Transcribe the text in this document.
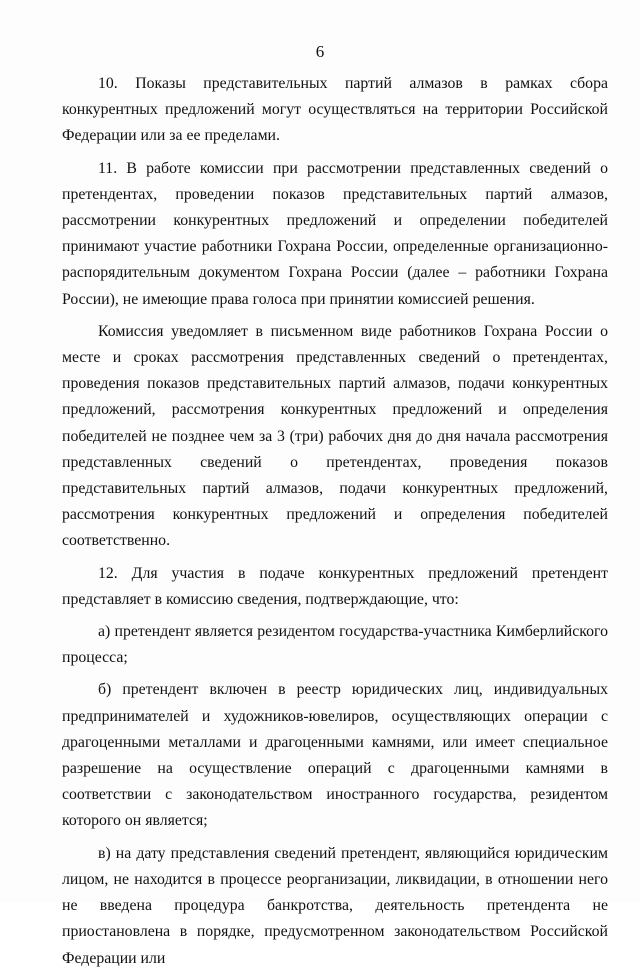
6

10. Показы представительных партий алмазов в рамках сбора конкурентных предложений могут осуществляться на территории Российской Федерации или за ее пределами.

11. В работе комиссии при рассмотрении представленных сведений о претендентах, проведении показов представительных партий алмазов, рассмотрении конкурентных предложений и определении победителей принимают участие работники Гохрана России, определенные организационно-распорядительным документом Гохрана России (далее – работники Гохрана России), не имеющие права голоса при принятии комиссией решения.

Комиссия уведомляет в письменном виде работников Гохрана России о месте и сроках рассмотрения представленных сведений о претендентах, проведения показов представительных партий алмазов, подачи конкурентных предложений, рассмотрения конкурентных предложений и определения победителей не позднее чем за 3 (три) рабочих дня до дня начала рассмотрения представленных сведений о претендентах, проведения показов представительных партий алмазов, подачи конкурентных предложений, рассмотрения конкурентных предложений и определения победителей соответственно.

12. Для участия в подаче конкурентных предложений претендент представляет в комиссию сведения, подтверждающие, что:

а) претендент является резидентом государства-участника Кимберлийского процесса;

б) претендент включен в реестр юридических лиц, индивидуальных предпринимателей и художников-ювелиров, осуществляющих операции с драгоценными металлами и драгоценными камнями, или имеет специальное разрешение на осуществление операций с драгоценными камнями в соответствии с законодательством иностранного государства, резидентом которого он является;

в) на дату представления сведений претендент, являющийся юридическим лицом, не находится в процессе реорганизации, ликвидации, в отношении него не введена процедура банкротства, деятельность претендента не приостановлена в порядке, предусмотренном законодательством Российской Федерации или
